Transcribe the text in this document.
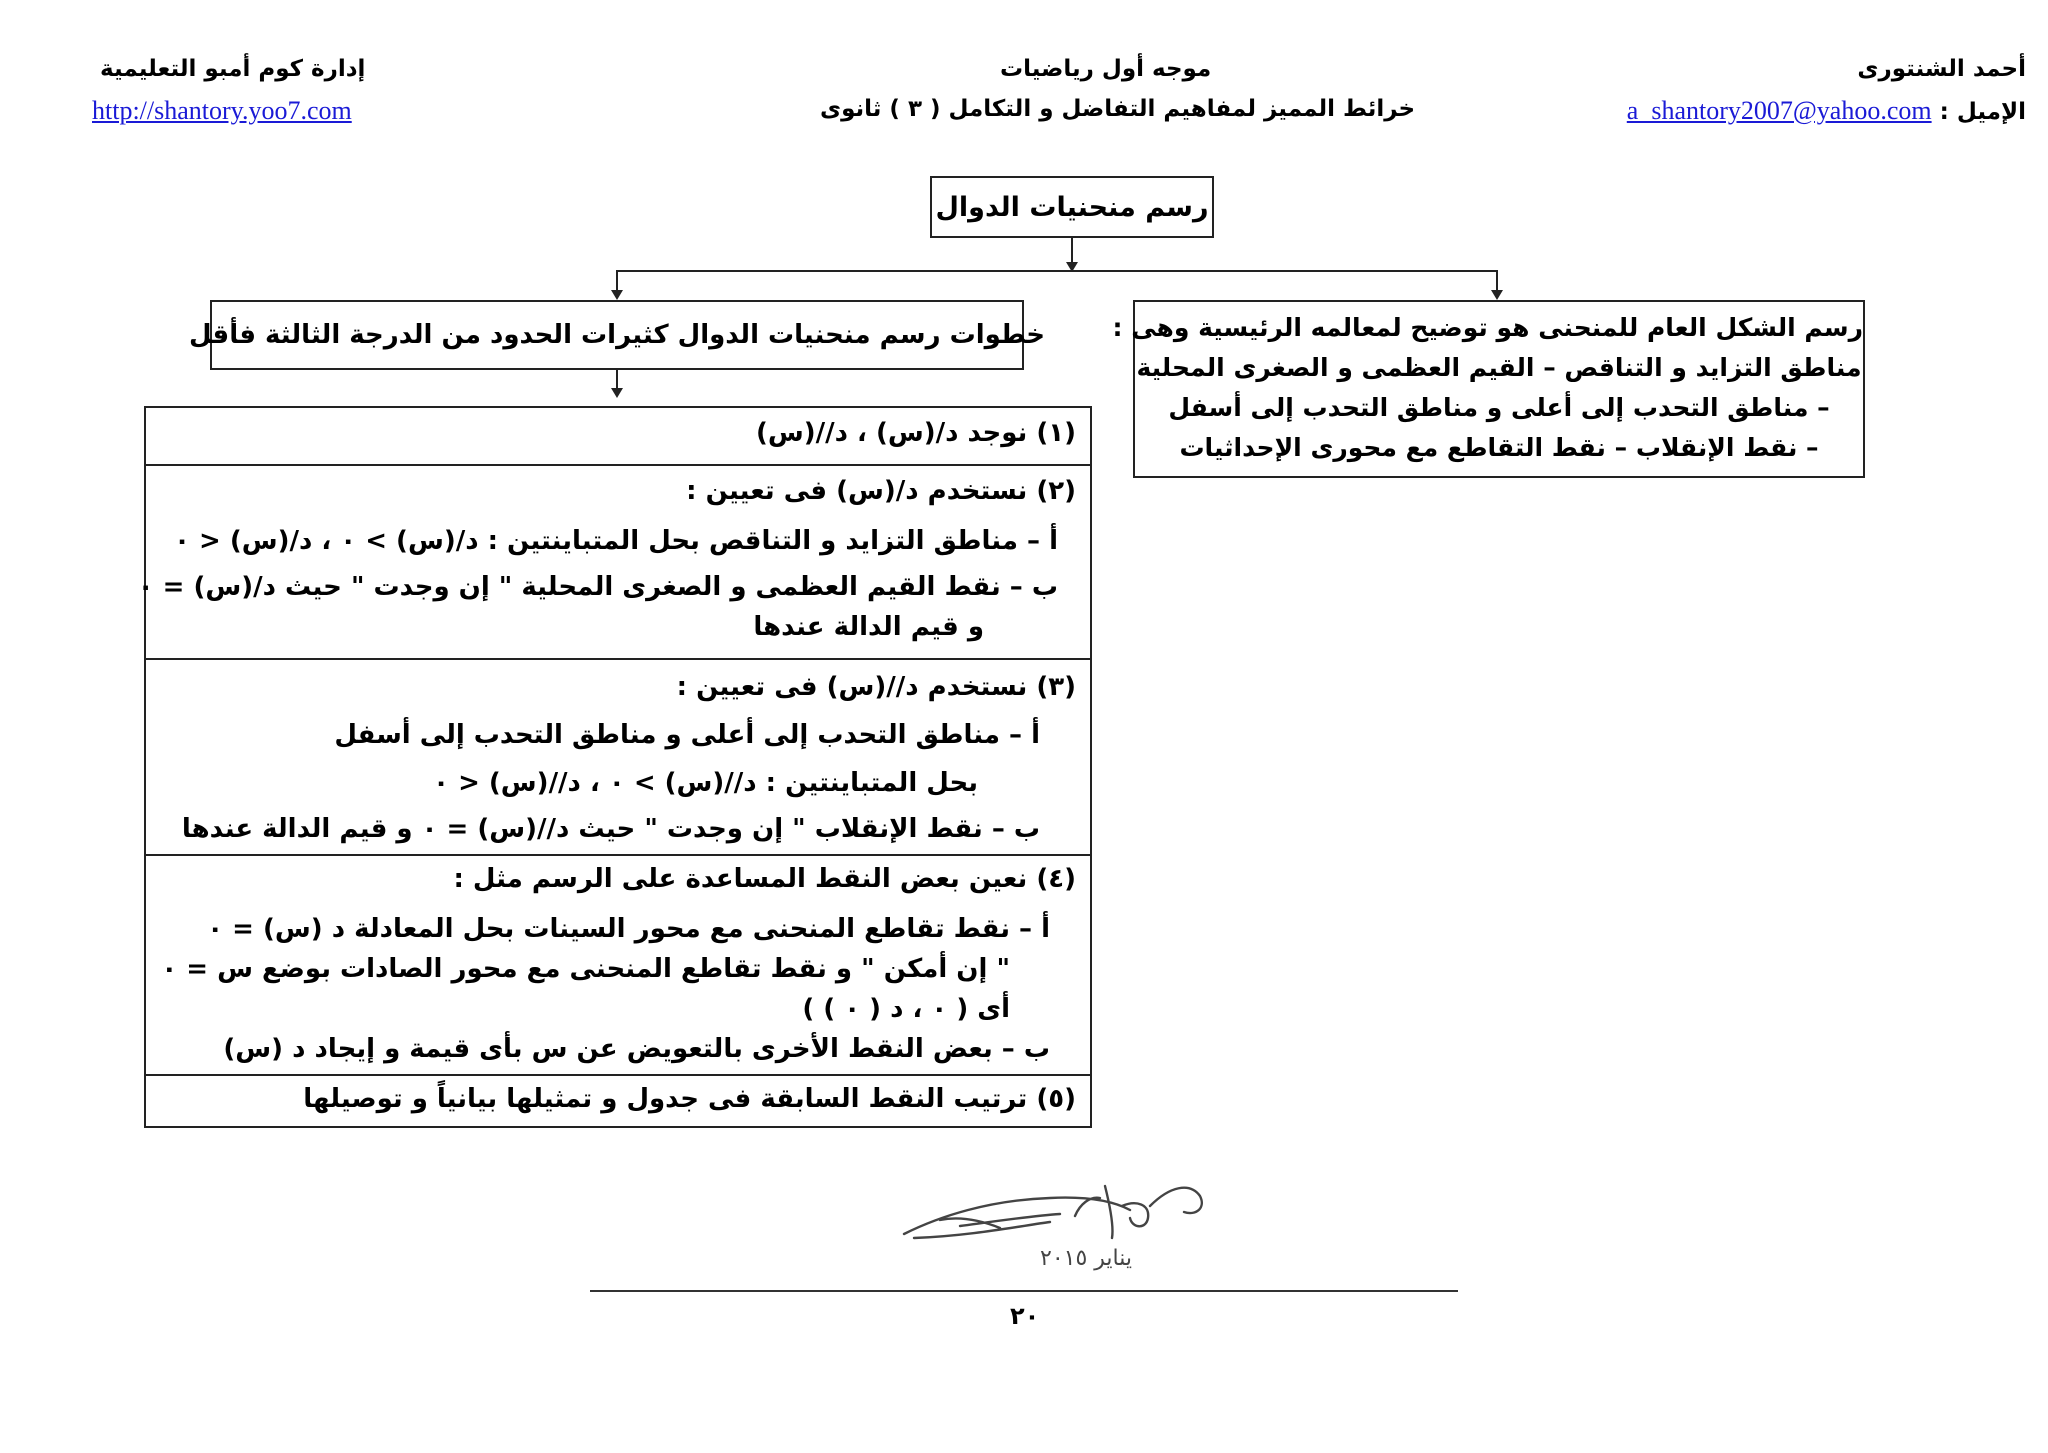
أحمد الشنتورى
الإميل : a_shantory2007@yahoo.com
موجه أول رياضيات
خرائط المميز لمفاهيم التفاضل و التكامل ( ٣ ) ثانوى
إدارة كوم أمبو التعليمية
http://shantory.yoo7.com
رسم منحنيات الدوال
رسم الشكل العام للمنحنى هو توضيح لمعالمه الرئيسية وهى :
مناطق التزايد و التناقص – القيم العظمى و الصغرى المحلية
– مناطق التحدب إلى أعلى و مناطق التحدب إلى أسفل
– نقط الإنقلاب – نقط التقاطع مع محورى الإحداثيات
خطوات رسم منحنيات الدوال كثيرات الحدود من الدرجة الثالثة فأقل
(١) نوجد د/(س) ، د//(س)
(٢) نستخدم د/(س) فى تعيين :
أ – مناطق التزايد و التناقص بحل المتباينتين : د/(س) > ٠ ، د/(س) < ٠
ب – نقط القيم العظمى و الصغرى المحلية " إن وجدت " حيث د/(س) = ٠
و قيم الدالة عندها
(٣) نستخدم د//(س) فى تعيين :
أ – مناطق التحدب إلى أعلى و مناطق التحدب إلى أسفل
بحل المتباينتين : د//(س) > ٠ ، د//(س) < ٠
ب – نقط الإنقلاب " إن وجدت " حيث د//(س) = ٠ و قيم الدالة عندها
(٤) نعين بعض النقط المساعدة على الرسم مثل :
أ – نقط تقاطع المنحنى مع محور السينات بحل المعادلة د (س) = ٠
" إن أمكن " و نقط تقاطع المنحنى مع محور الصادات بوضع س = ٠
أى ( ٠ ، د ( ٠ ) )
ب – بعض النقط الأخرى بالتعويض عن س بأى قيمة و إيجاد د (س)
(٥) ترتيب النقط السابقة فى جدول و تمثيلها بيانياً و توصيلها
يناير ٢٠١٥
٢٠
